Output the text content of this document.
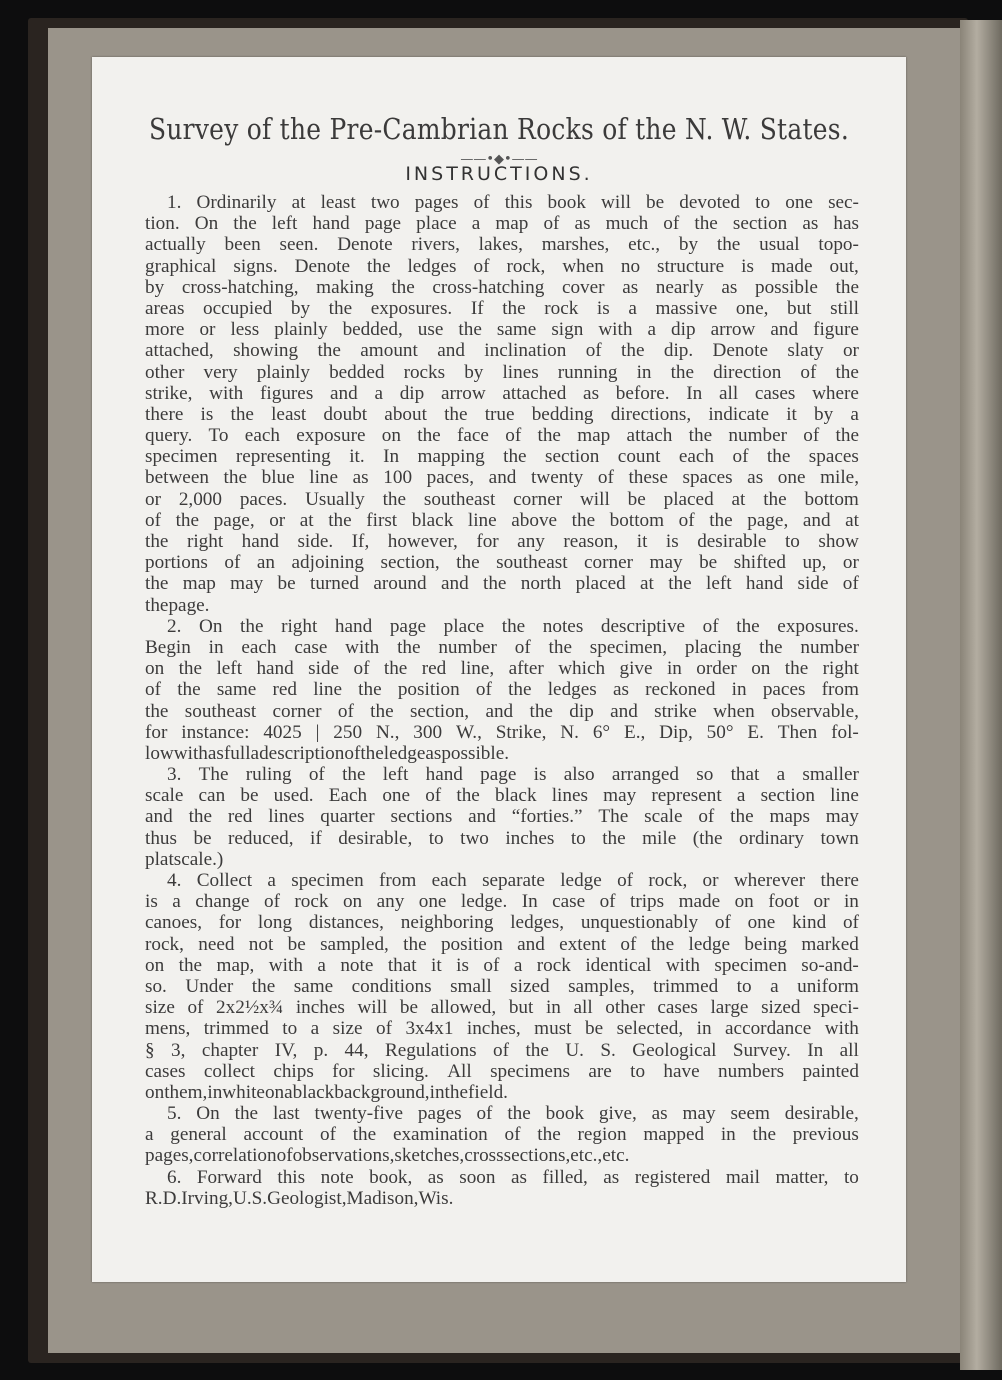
Survey of the Pre-Cambrian Rocks of the N. W. States.
——•◆•——
INSTRUCTIONS.
1. Ordinarily at least two pages of this book will be devoted to one sec-
tion. On the left hand page place a map of as much of the section as has
actually been seen. Denote rivers, lakes, marshes, etc., by the usual topo-
graphical signs. Denote the ledges of rock, when no structure is made out,
by cross-hatching, making the cross-hatching cover as nearly as possible the
areas occupied by the exposures. If the rock is a massive one, but still
more or less plainly bedded, use the same sign with a dip arrow and figure
attached, showing the amount and inclination of the dip. Denote slaty or
other very plainly bedded rocks by lines running in the direction of the
strike, with figures and a dip arrow attached as before. In all cases where
there is the least doubt about the true bedding directions, indicate it by a
query. To each exposure on the face of the map attach the number of the
specimen representing it. In mapping the section count each of the spaces
between the blue line as 100 paces, and twenty of these spaces as one mile,
or 2,000 paces. Usually the southeast corner will be placed at the bottom
of the page, or at the first black line above the bottom of the page, and at
the right hand side. If, however, for any reason, it is desirable to show
portions of an adjoining section, the southeast corner may be shifted up, or
the map may be turned around and the north placed at the left hand side of
the page.
2. On the right hand page place the notes descriptive of the exposures.
Begin in each case with the number of the specimen, placing the number
on the left hand side of the red line, after which give in order on the right
of the same red line the position of the ledges as reckoned in paces from
the southeast corner of the section, and the dip and strike when observable,
for instance: 4025 | 250 N., 300 W., Strike, N. 6° E., Dip, 50° E. Then fol-
low with as full a description of the ledge as possible.
3. The ruling of the left hand page is also arranged so that a smaller
scale can be used. Each one of the black lines may represent a section line
and the red lines quarter sections and “forties.” The scale of the maps may
thus be reduced, if desirable, to two inches to the mile (the ordinary town
plat scale.)
4. Collect a specimen from each separate ledge of rock, or wherever there
is a change of rock on any one ledge. In case of trips made on foot or in
canoes, for long distances, neighboring ledges, unquestionably of one kind of
rock, need not be sampled, the position and extent of the ledge being marked
on the map, with a note that it is of a rock identical with specimen so-and-
so. Under the same conditions small sized samples, trimmed to a uniform
size of 2x2½x¾ inches will be allowed, but in all other cases large sized speci-
mens, trimmed to a size of 3x4x1 inches, must be selected, in accordance with
§ 3, chapter IV, p. 44, Regulations of the U. S. Geological Survey. In all
cases collect chips for slicing. All specimens are to have numbers painted
on them, in white on a black background, in the field.
5. On the last twenty-five pages of the book give, as may seem desirable,
a general account of the examination of the region mapped in the previous
pages, correlation of observations, sketches, cross sections, etc., etc.
6. Forward this note book, as soon as filled, as registered mail matter, to
R. D. Irving, U. S. Geologist, Madison, Wis.
